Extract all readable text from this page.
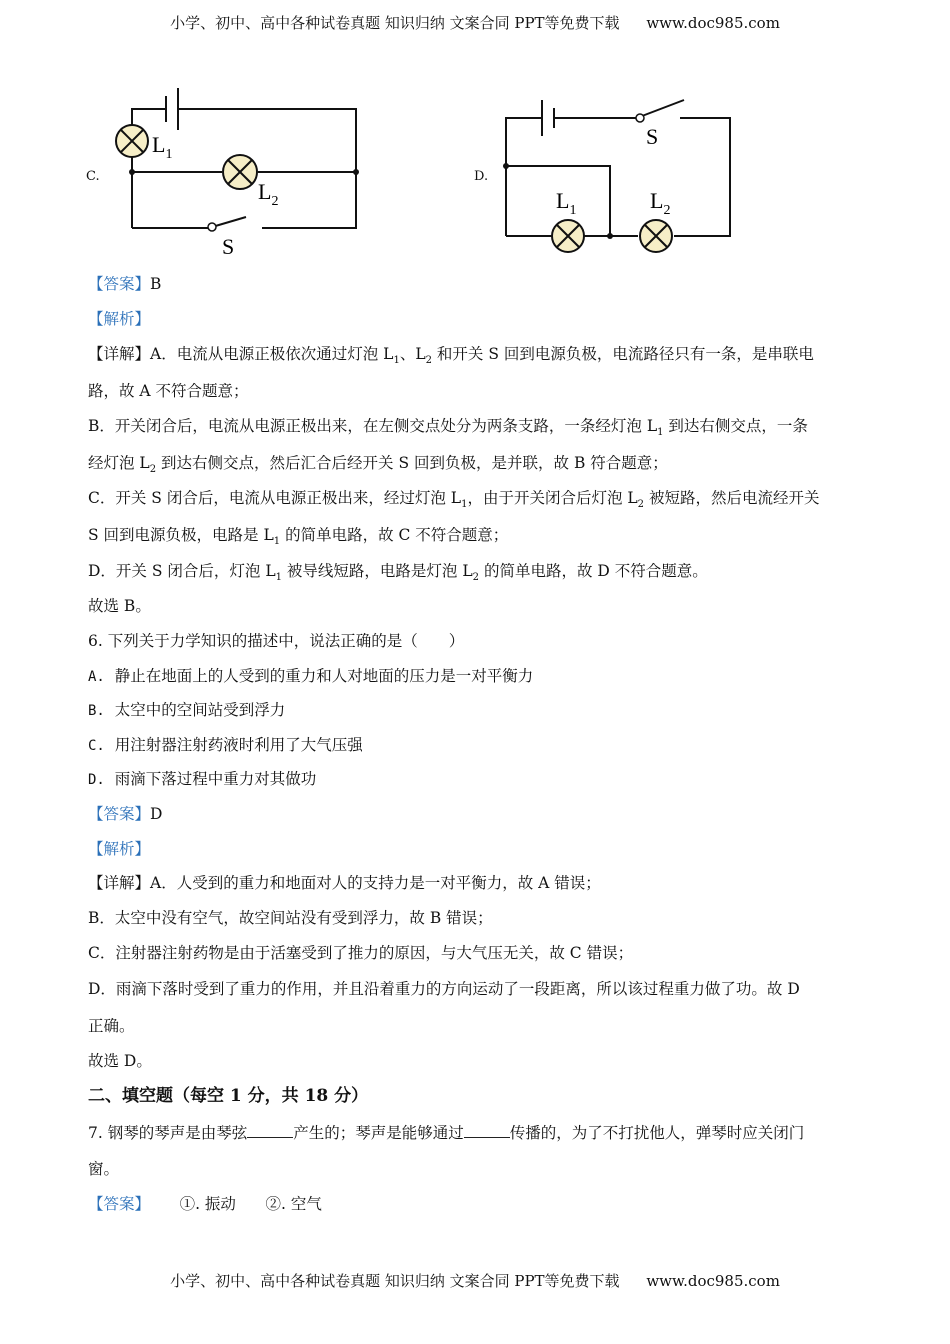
小学、初中、高中各种试卷真题 知识归纳 文案合同 PPT等免费下载 www.doc985.com
C.
$L_1$
$L_2$
S
D.
S
$L_1$	$L_2$
【答案】B
【解析】
【详解】A．电流从电源正极依次通过灯泡 $L_1$、$L_2$ 和开关 S 回到电源负极，电流路径只有一条，是串联电
路，故 A 不符合题意；
B．开关闭合后，电流从电源正极出来，在左侧交点处分为两条支路，一条经灯泡 $L_1$ 到达右侧交点，一条
经灯泡 $L_2$ 到达右侧交点，然后汇合后经开关 S 回到负极，是并联，故 B 符合题意；
C．开关 S 闭合后，电流从电源正极出来，经过灯泡 $L_1$，由于开关闭合后灯泡 $L_2$ 被短路，然后电流经开关
S 回到电源负极，电路是 $L_1$ 的简单电路，故 C 不符合题意；
D．开关 S 闭合后，灯泡 $L_1$ 被导线短路，电路是灯泡 $L_2$ 的简单电路，故 D 不符合题意。
故选 B。
6. 下列关于力学知识的描述中，说法正确的是（　　）
A. 静止在地面上的人受到的重力和人对地面的压力是一对平衡力
B. 太空中的空间站受到浮力
C. 用注射器注射药液时利用了大气压强
D. 雨滴下落过程中重力对其做功
【答案】D
【解析】
【详解】A．人受到的重力和地面对人的支持力是一对平衡力，故 A 错误；
B．太空中没有空气，故空间站没有受到浮力，故 B 错误；
C．注射器注射药物是由于活塞受到了推力的原因，与大气压无关，故 C 错误；
D．雨滴下落时受到了重力的作用，并且沿着重力的方向运动了一段距离，所以该过程重力做了功。故 D
正确。
故选 D。
二、填空题（每空 1 分，共 18 分）
7. 钢琴的琴声是由琴弦	产生的；琴声是能够通过	传播的，为了不打扰他人，弹琴时应关闭门
窗。
【答案】 ①. 振动 ②. 空气
小学、初中、高中各种试卷真题 知识归纳 文案合同 PPT等免费下载 www.doc985.com
